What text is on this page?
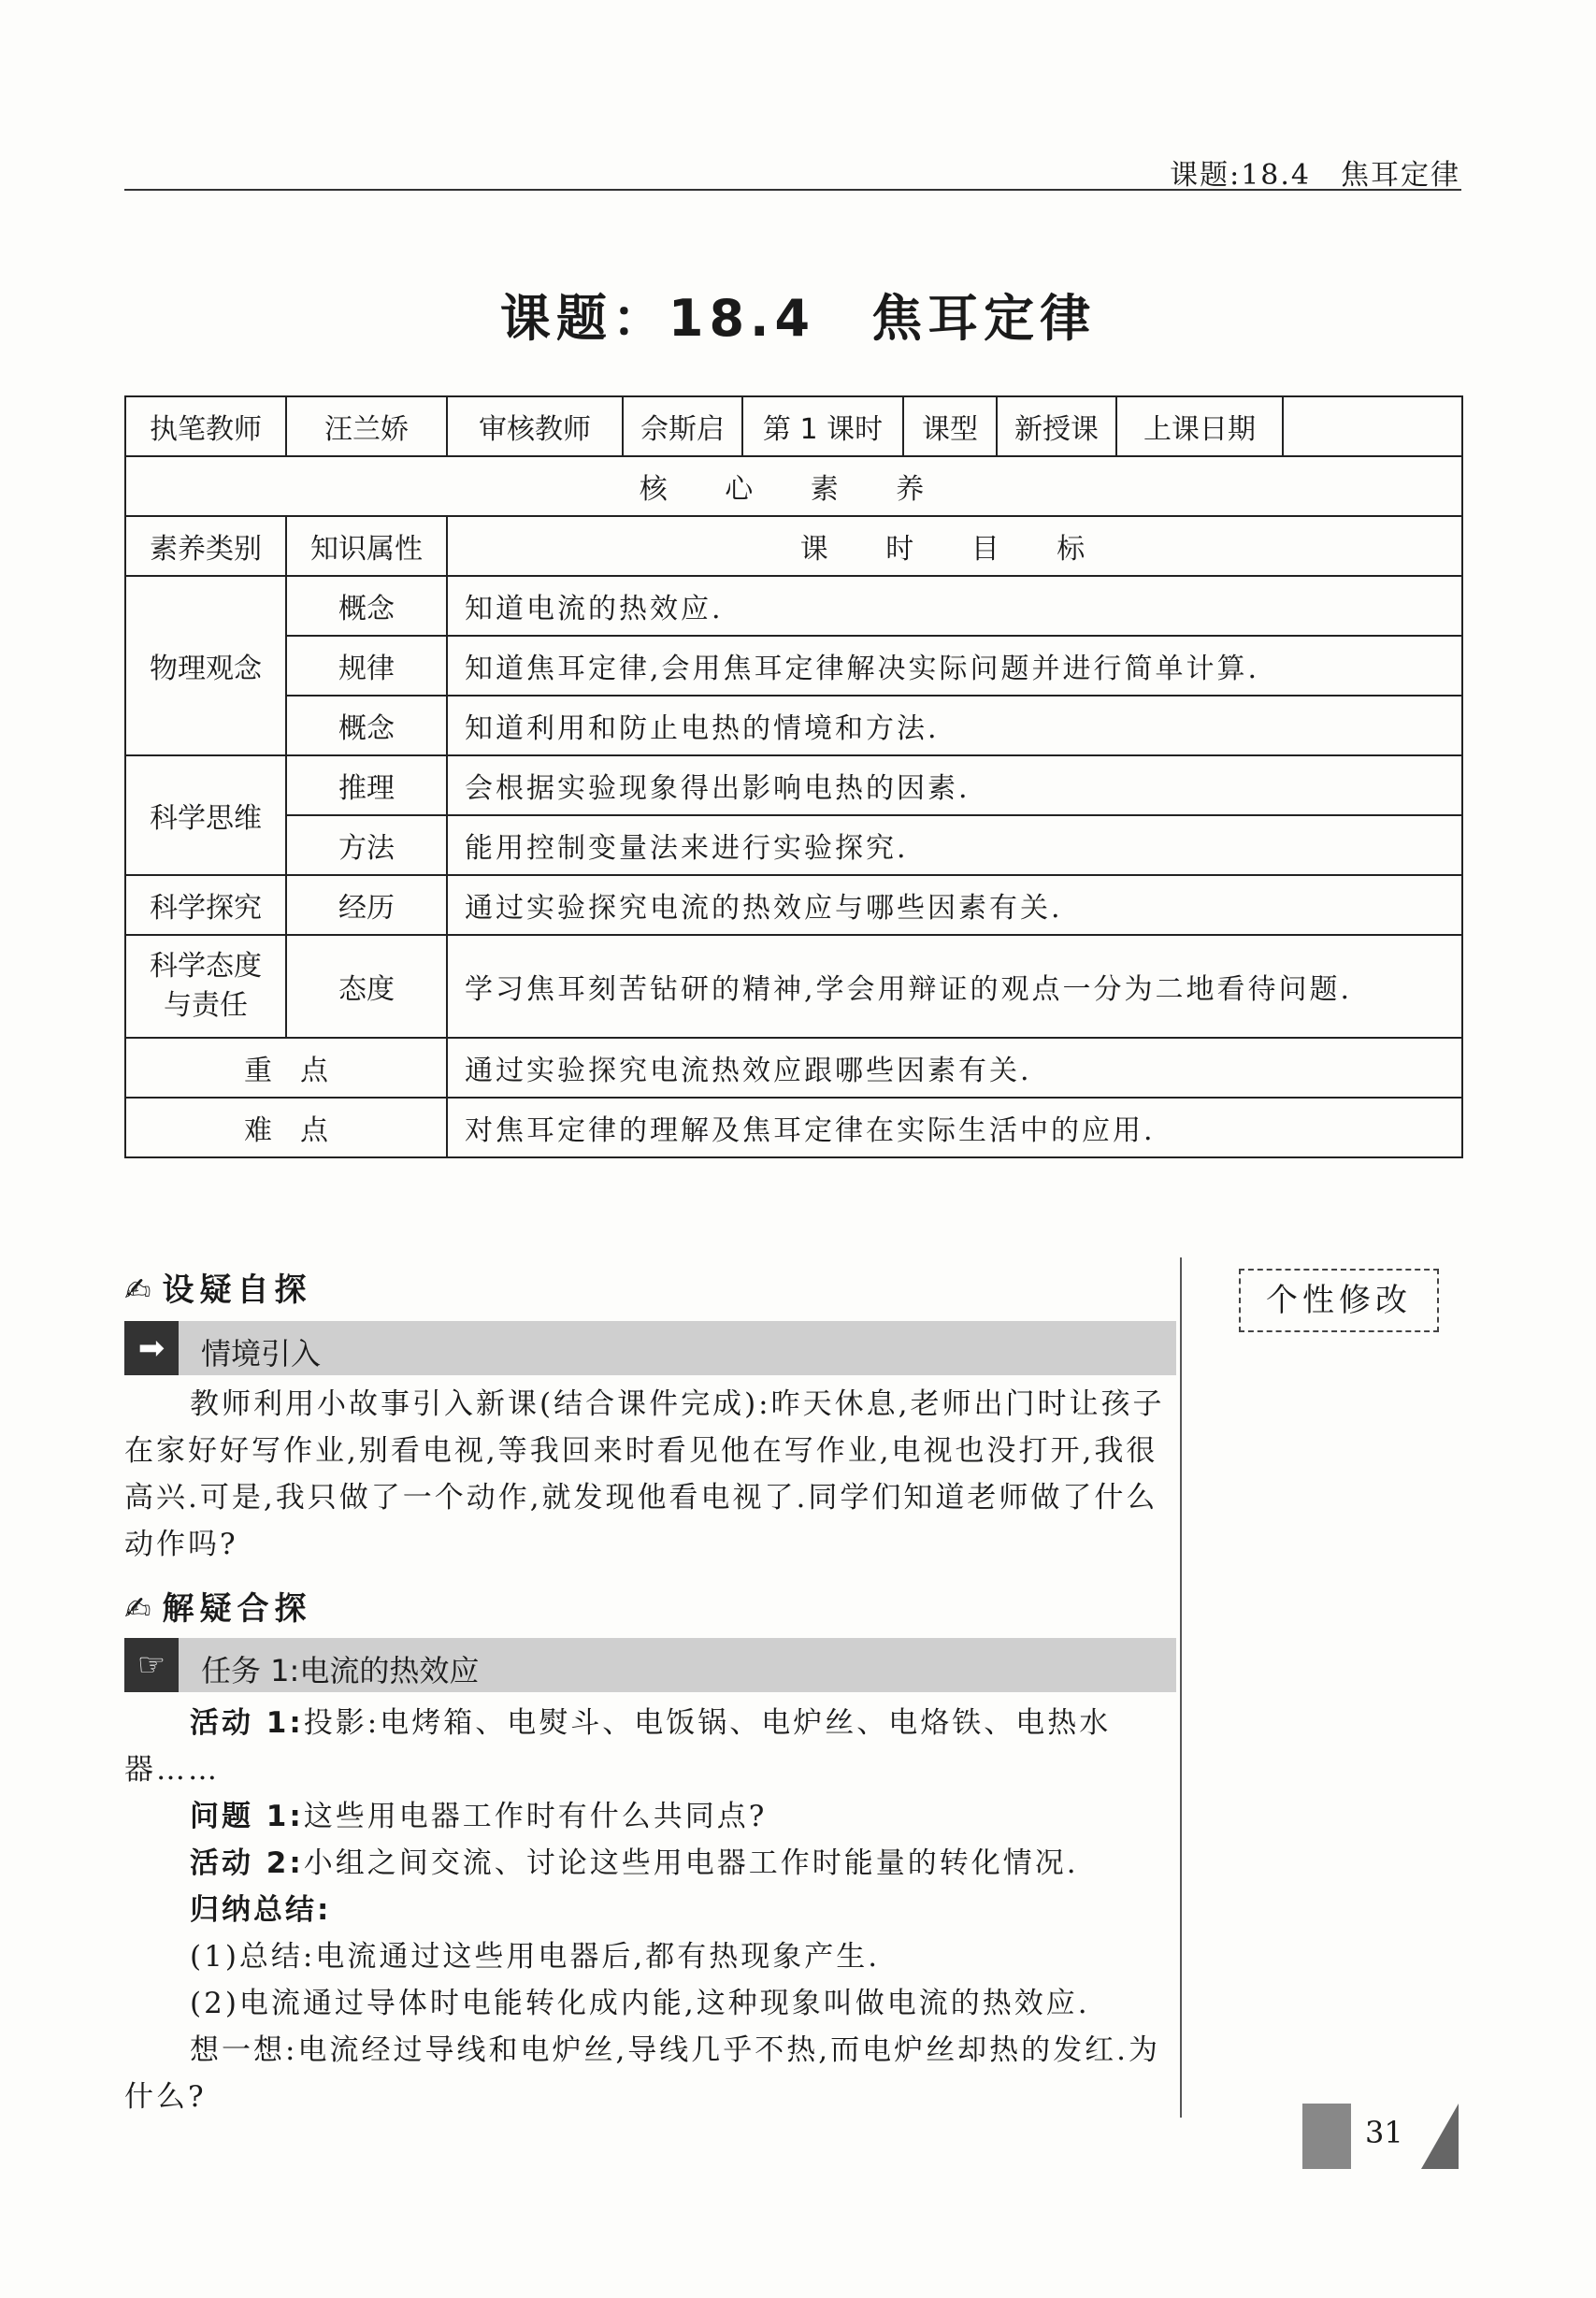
课题:18.4　焦耳定律
课题：18.4　焦耳定律
执笔教师	汪兰娇	审核教师	佘斯启	第 1 课时	课型	新授课	上课日期	
核 心 素 养								
素养类别	知识属性	课 时 目 标						
物理观念	概念	知道电流的热效应.						
	规律	知道焦耳定律,会用焦耳定律解决实际问题并进行简单计算.						
	概念	知道利用和防止电热的情境和方法.						
科学思维	推理	会根据实验现象得出影响电热的因素.						
	方法	能用控制变量法来进行实验探究.						
科学探究	经历	通过实验探究电流的热效应与哪些因素有关.						
科学态度
与责任	态度	学习焦耳刻苦钻研的精神,学会用辩证的观点一分为二地看待问题.						
重　点		通过实验探究电流热效应跟哪些因素有关.						
难　点		对焦耳定律的理解及焦耳定律在实际生活中的应用.						
✍ 设疑自探
➡	情境引入
教师利用小故事引入新课(结合课件完成):昨天休息,老师出门时让孩子在家好好写作业,别看电视,等我回来时看见他在写作业,电视也没打开,我很高兴.可是,我只做了一个动作,就发现他看电视了.同学们知道老师做了什么动作吗?
✍ 解疑合探
☞	任务 1:电流的热效应

活动 1:投影:电烤箱、电熨斗、电饭锅、电炉丝、电烙铁、电热水器……

问题 1:这些用电器工作时有什么共同点?

活动 2:小组之间交流、讨论这些用电器工作时能量的转化情况.

归纳总结:

(1)总结:电流通过这些用电器后,都有热现象产生.

(2)电流通过导体时电能转化成内能,这种现象叫做电流的热效应.

想一想:电流经过导线和电炉丝,导线几乎不热,而电炉丝却热的发红.为什么?

个性修改
31
